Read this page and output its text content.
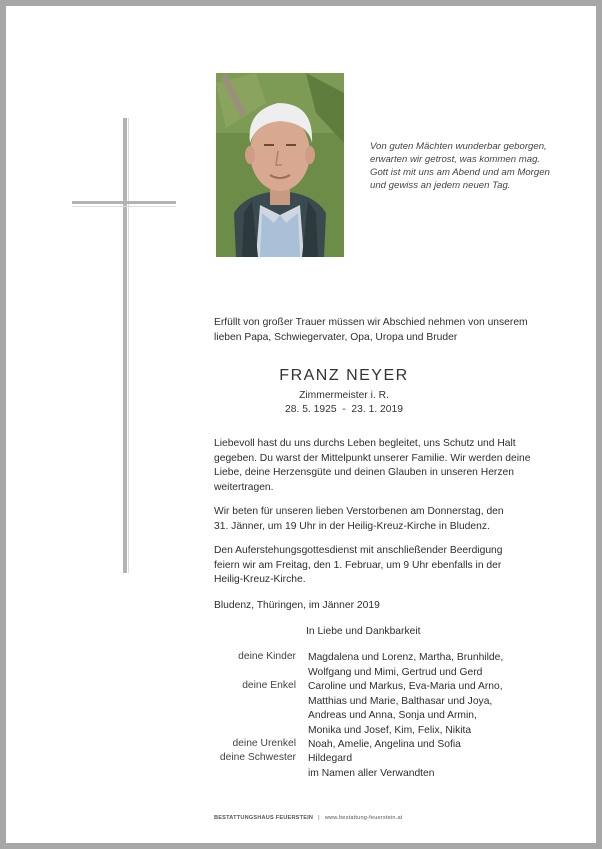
Von guten Mächten wunderbar geborgen,
erwarten wir getrost, was kommen mag.
Gott ist mit uns am Abend und am Morgen
und gewiss an jedem neuen Tag.
Erfüllt von großer Trauer müssen wir Abschied nehmen von unserem
lieben Papa, Schwiegervater, Opa, Uropa und Bruder
FRANZ NEYER
Zimmermeister i. R.
28. 5. 1925  -  23. 1. 2019
Liebevoll hast du uns durchs Leben begleitet, uns Schutz und Halt
gegeben. Du warst der Mittelpunkt unserer Familie. Wir werden deine
Liebe, deine Herzensgüte und deinen Glauben in unseren Herzen
weitertragen.
Wir beten für unseren lieben Verstorbenen am Donnerstag, den
31. Jänner, um 19 Uhr in der Heilig-Kreuz-Kirche in Bludenz.
Den Auferstehungsgottesdienst mit anschließender Beerdigung
feiern wir am Freitag, den 1. Februar, um 9 Uhr ebenfalls in der
Heilig-Kreuz-Kirche.
Bludenz, Thüringen, im Jänner 2019
In Liebe und Dankbarkeit
deine Kinder Magdalena und Lorenz, Martha, Brunhilde,
Wolfgang und Mimi, Gertrud und Gerd
deine Enkel Caroline und Markus, Eva-Maria und Arno,
Matthias und Marie, Balthasar und Joya,
Andreas und Anna, Sonja und Armin,
Monika und Josef, Kim, Felix, Nikita
deine Urenkel Noah, Amelie, Angelina und Sofia
deine Schwester Hildegard
im Namen aller Verwandten
BESTATTUNGSHAUS FEUERSTEIN | www.bestattung-feuerstein.at
